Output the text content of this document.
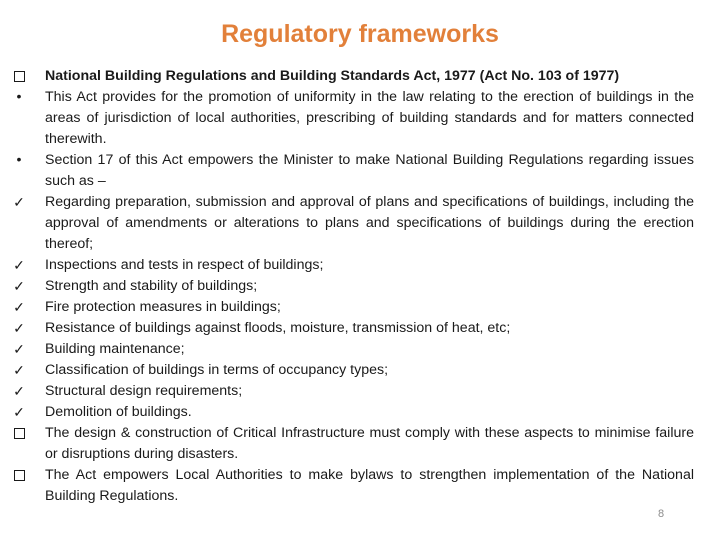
Regulatory frameworks
National Building Regulations and Building Standards Act, 1977 (Act No. 103 of 1977)
•	This Act provides for the promotion of uniformity in the law relating to the erection of buildings in the areas of jurisdiction of local authorities, prescribing of building standards and for matters connected therewith.
•	Section 17 of this Act empowers the Minister to make National Building Regulations regarding issues such as –
✓ Regarding preparation, submission and approval of plans and specifications of buildings, including the approval of amendments or alterations to plans and specifications of buildings during the erection thereof;
✓ Inspections and tests in respect of buildings;
✓ Strength and stability of buildings;
✓ Fire protection measures in buildings;
✓ Resistance of buildings against floods, moisture, transmission of heat, etc;
✓ Building maintenance;
✓ Classification of buildings in terms of occupancy types;
✓ Structural design requirements;
✓ Demolition of buildings.
The design & construction of Critical Infrastructure must comply with these aspects to minimise failure or disruptions during disasters.
The Act empowers Local Authorities to make bylaws to strengthen implementation of the National Building Regulations.
8
